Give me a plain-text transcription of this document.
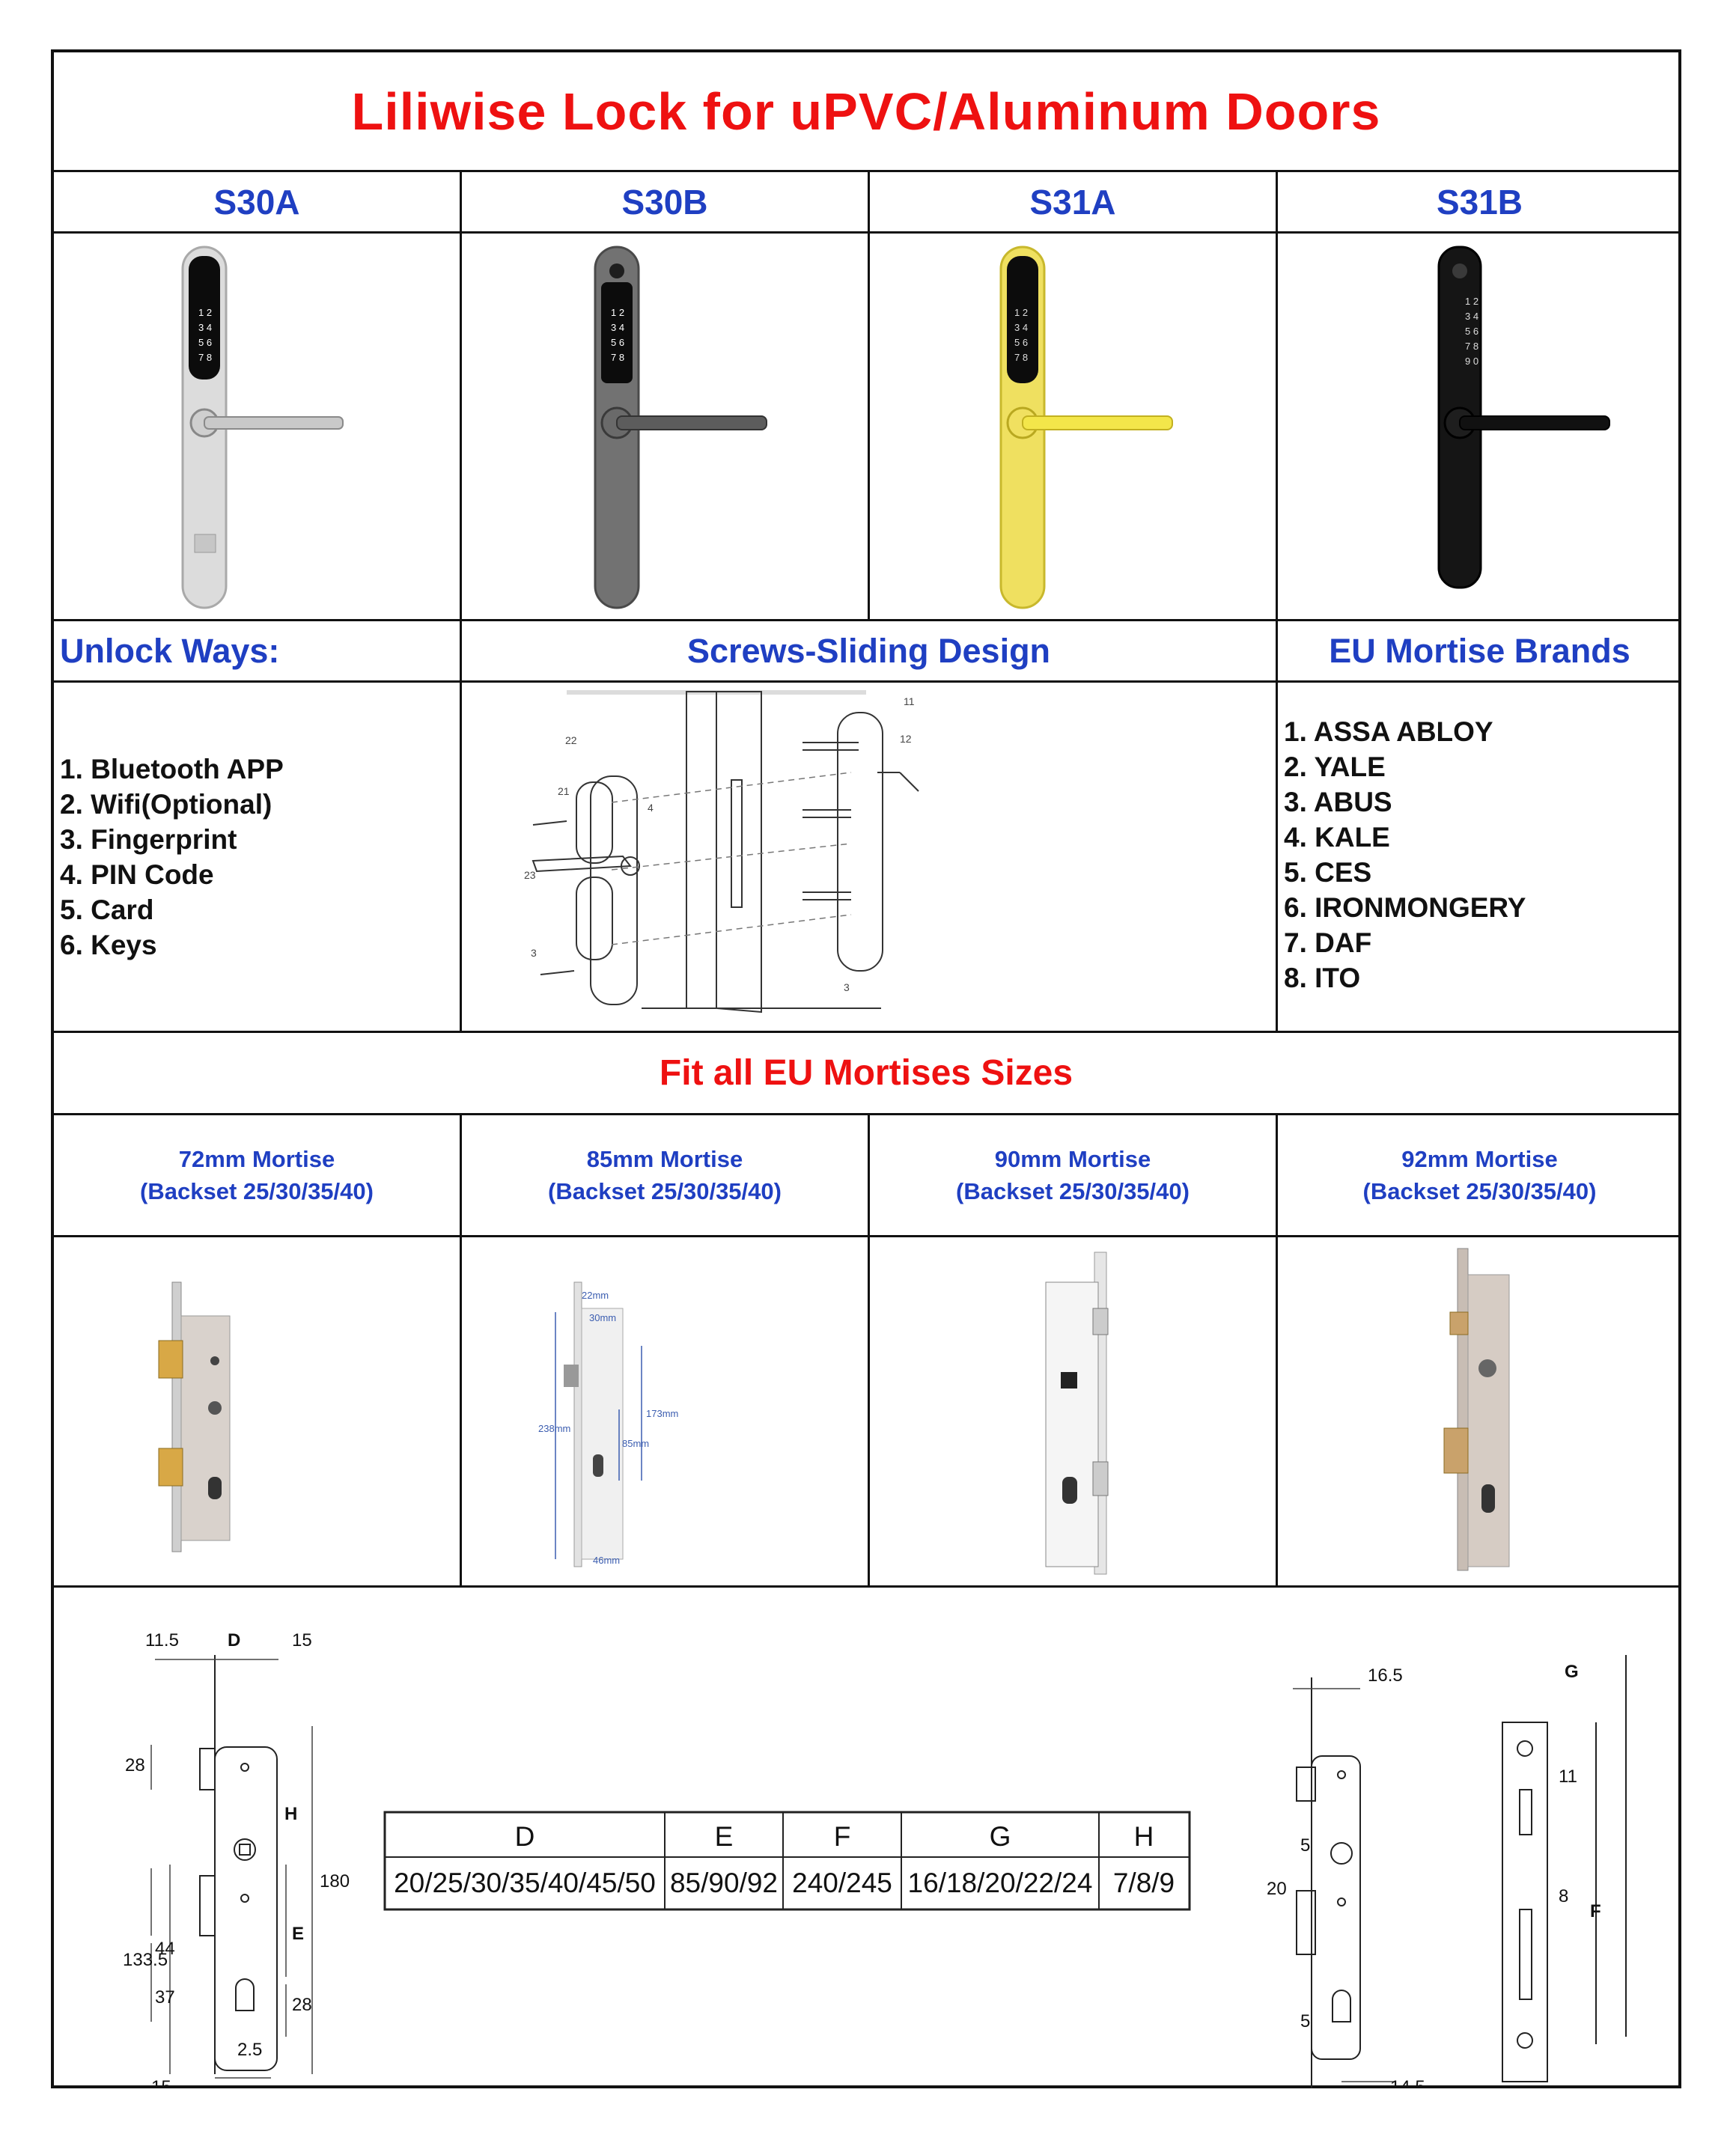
Liliwise Lock for uPVC/Aluminum Doors
S30A	S30B	S31A	S31B
1 2
3 4
5 6
7 8
1 2
3 4
5 6
7 8
1 2
3 4
5 6
7 8
1 2
3 4
5 6
7 8
9 0
Unlock Ways:	Screws-Sliding Design	EU Mortise Brands
1. Bluetooth APP
2. Wifi(Optional)
3. Fingerprint
4. PIN Code
5. Card
6. Keys
22
21
23
3
4
11
12
3
1. ASSA ABLOY
2. YALE
3. ABUS
4. KALE
5. CES
6. IRONMONGERY
7. DAF
8. ITO
Fit all EU Mortises Sizes
72mm Mortise
(Backset 25/30/35/40)
85mm Mortise
(Backset 25/30/35/40)
90mm Mortise
(Backset 25/30/35/40)
92mm Mortise
(Backset 25/30/35/40)
22mm
30mm
173mm
238mm
85mm
46mm
11.5	D	15
28
H
180
133.5
44
E
37	28
2.5
15
D	E	F	G	H
20/25/30/35/40/45/50 85/90/92 240/245 16/18/20/22/24 7/8/9
16.5
5
20
5
14.5
G
11
8
F
